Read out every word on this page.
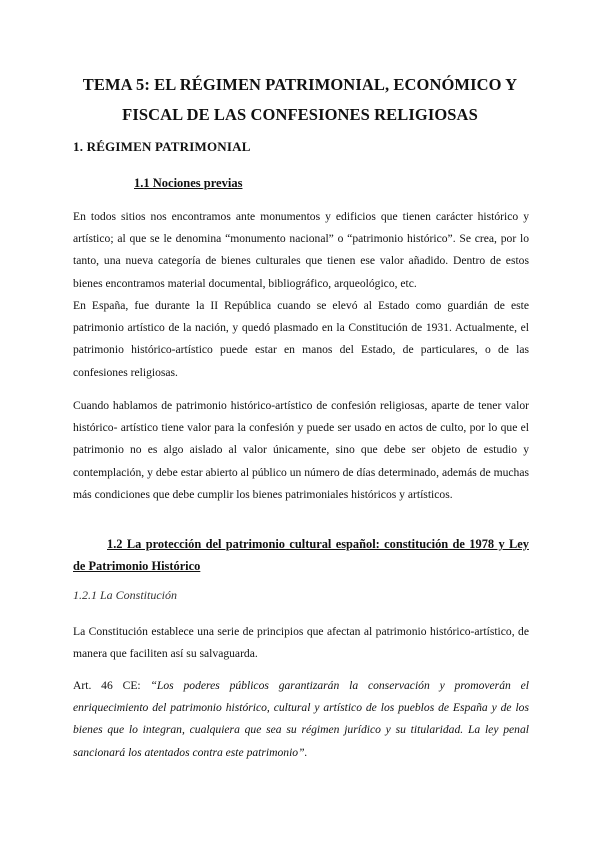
TEMA 5: EL RÉGIMEN PATRIMONIAL, ECONÓMICO Y FISCAL DE LAS CONFESIONES RELIGIOSAS

1. RÉGIMEN PATRIMONIAL

1.1 Nociones previas

En todos sitios nos encontramos ante monumentos y edificios que tienen carácter histórico y artístico; al que se le denomina “monumento nacional” o “patrimonio histórico”. Se crea, por lo tanto, una nueva categoría de bienes culturales que tienen ese valor añadido. Dentro de estos bienes encontramos material documental, bibliográfico, arqueológico, etc.

En España, fue durante la II República cuando se elevó al Estado como guardián de este patrimonio artístico de la nación, y quedó plasmado en la Constitución de 1931. Actualmente, el patrimonio histórico-artístico puede estar en manos del Estado, de particulares, o de las confesiones religiosas.

Cuando hablamos de patrimonio histórico-artístico de confesión religiosas, aparte de tener valor histórico- artístico tiene valor para la confesión y puede ser usado en actos de culto, por lo que el patrimonio no es algo aislado al valor únicamente, sino que debe ser objeto de estudio y contemplación, y debe estar abierto al público un número de días determinado, además de muchas más condiciones que debe cumplir los bienes patrimoniales históricos y artísticos.

1.2 La protección del patrimonio cultural español: constitución de 1978 y Ley de Patrimonio Histórico

1.2.1 La Constitución

La Constitución establece una serie de principios que afectan al patrimonio histórico-artístico, de manera que faciliten así su salvaguarda.

Art. 46 CE: “Los poderes públicos garantizarán la conservación y promoverán el enriquecimiento del patrimonio histórico, cultural y artístico de los pueblos de España y de los bienes que lo integran, cualquiera que sea su régimen jurídico y su titularidad. La ley penal sancionará los atentados contra este patrimonio”.
